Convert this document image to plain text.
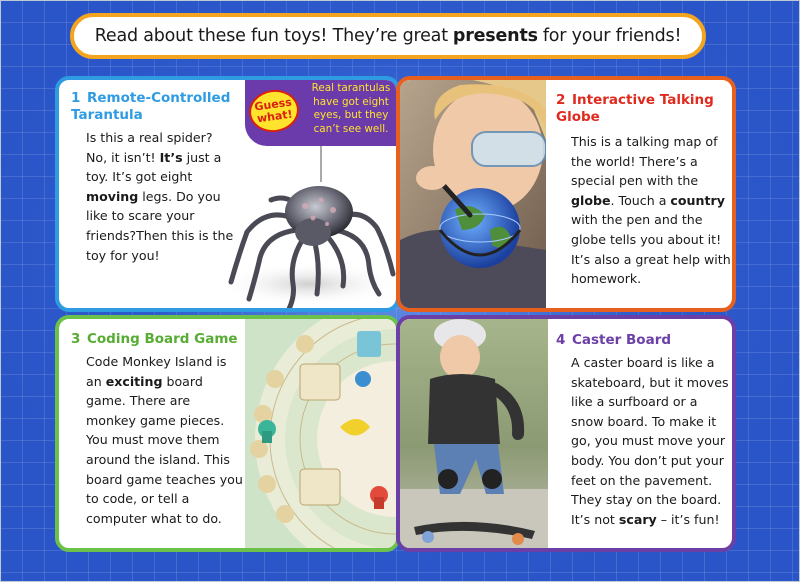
Read about these fun toys! They’re great presents for your friends!
1 Remote-Controlled Tarantula
Is this a real spider? No, it isn’t! It’s just a toy. It’s got eight moving legs. Do you like to scare your friends?Then this is the toy for you!
Guess what!
Real tarantulas have got eight eyes, but they can’t see well.
2 Interactive Talking Globe
This is a talking map of the world! There’s a special pen with the globe. Touch a country with the pen and the globe tells you about it! It’s also a great help with homework.
3 Coding Board Game
Code Monkey Island is an exciting board game. There are monkey game pieces. You must move them around the island. This board game teaches you to code, or tell a computer what to do.
4 Caster Board
A caster board is like a skateboard, but it moves like a surfboard or a snow board. To make it go, you must move your body. You don’t put your feet on the pavement. They stay on the board. It’s not scary – it’s fun!
